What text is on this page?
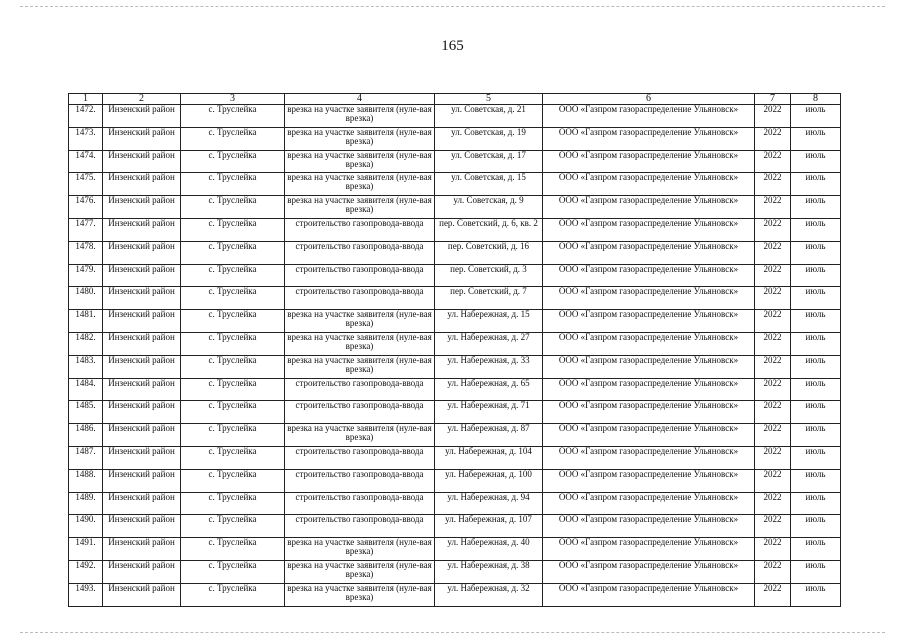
165
1	2	3	4	5	6	7	8
1472.	Инзенский район	с. Труслейка	врезка на участке заявителя (нуле-вая врезка)	ул. Советская, д. 21	ООО «Газпром газораспределение Ульяновск»	2022	июль
1473.	Инзенский район	с. Труслейка	врезка на участке заявителя (нуле-вая врезка)	ул. Советская, д. 19	ООО «Газпром газораспределение Ульяновск»	2022	июль
1474.	Инзенский район	с. Труслейка	врезка на участке заявителя (нуле-вая врезка)	ул. Советская, д. 17	ООО «Газпром газораспределение Ульяновск»	2022	июль
1475.	Инзенский район	с. Труслейка	врезка на участке заявителя (нуле-вая врезка)	ул. Советская, д. 15	ООО «Газпром газораспределение Ульяновск»	2022	июль
1476.	Инзенский район	с. Труслейка	врезка на участке заявителя (нуле-вая врезка)	ул. Советская, д. 9	ООО «Газпром газораспределение Ульяновск»	2022	июль
1477.	Инзенский район	с. Труслейка	строительство газопровода-ввода	пер. Советский, д. 6, кв. 2	ООО «Газпром газораспределение Ульяновск»	2022	июль
1478.	Инзенский район	с. Труслейка	строительство газопровода-ввода	пер. Советский, д. 16	ООО «Газпром газораспределение Ульяновск»	2022	июль
1479.	Инзенский район	с. Труслейка	строительство газопровода-ввода	пер. Советский, д. 3	ООО «Газпром газораспределение Ульяновск»	2022	июль
1480.	Инзенский район	с. Труслейка	строительство газопровода-ввода	пер. Советский, д. 7	ООО «Газпром газораспределение Ульяновск»	2022	июль
1481.	Инзенский район	с. Труслейка	врезка на участке заявителя (нуле-вая врезка)	ул. Набережная, д. 15	ООО «Газпром газораспределение Ульяновск»	2022	июль
1482.	Инзенский район	с. Труслейка	врезка на участке заявителя (нуле-вая врезка)	ул. Набережная, д. 27	ООО «Газпром газораспределение Ульяновск»	2022	июль
1483.	Инзенский район	с. Труслейка	врезка на участке заявителя (нуле-вая врезка)	ул. Набережная, д. 33	ООО «Газпром газораспределение Ульяновск»	2022	июль
1484.	Инзенский район	с. Труслейка	строительство газопровода-ввода	ул. Набережная, д. 65	ООО «Газпром газораспределение Ульяновск»	2022	июль
1485.	Инзенский район	с. Труслейка	строительство газопровода-ввода	ул. Набережная, д. 71	ООО «Газпром газораспределение Ульяновск»	2022	июль
1486.	Инзенский район	с. Труслейка	врезка на участке заявителя (нуле-вая врезка)	ул. Набережная, д. 87	ООО «Газпром газораспределение Ульяновск»	2022	июль
1487.	Инзенский район	с. Труслейка	строительство газопровода-ввода	ул. Набережная, д. 104	ООО «Газпром газораспределение Ульяновск»	2022	июль
1488.	Инзенский район	с. Труслейка	строительство газопровода-ввода	ул. Набережная, д. 100	ООО «Газпром газораспределение Ульяновск»	2022	июль
1489.	Инзенский район	с. Труслейка	строительство газопровода-ввода	ул. Набережная, д. 94	ООО «Газпром газораспределение Ульяновск»	2022	июль
1490.	Инзенский район	с. Труслейка	строительство газопровода-ввода	ул. Набережная, д. 107	ООО «Газпром газораспределение Ульяновск»	2022	июль
1491.	Инзенский район	с. Труслейка	врезка на участке заявителя (нуле-вая врезка)	ул. Набережная, д. 40	ООО «Газпром газораспределение Ульяновск»	2022	июль
1492.	Инзенский район	с. Труслейка	врезка на участке заявителя (нуле-вая врезка)	ул. Набережная, д. 38	ООО «Газпром газораспределение Ульяновск»	2022	июль
1493.	Инзенский район	с. Труслейка	врезка на участке заявителя (нуле-вая врезка)	ул. Набережная, д. 32	ООО «Газпром газораспределение Ульяновск»	2022	июль
